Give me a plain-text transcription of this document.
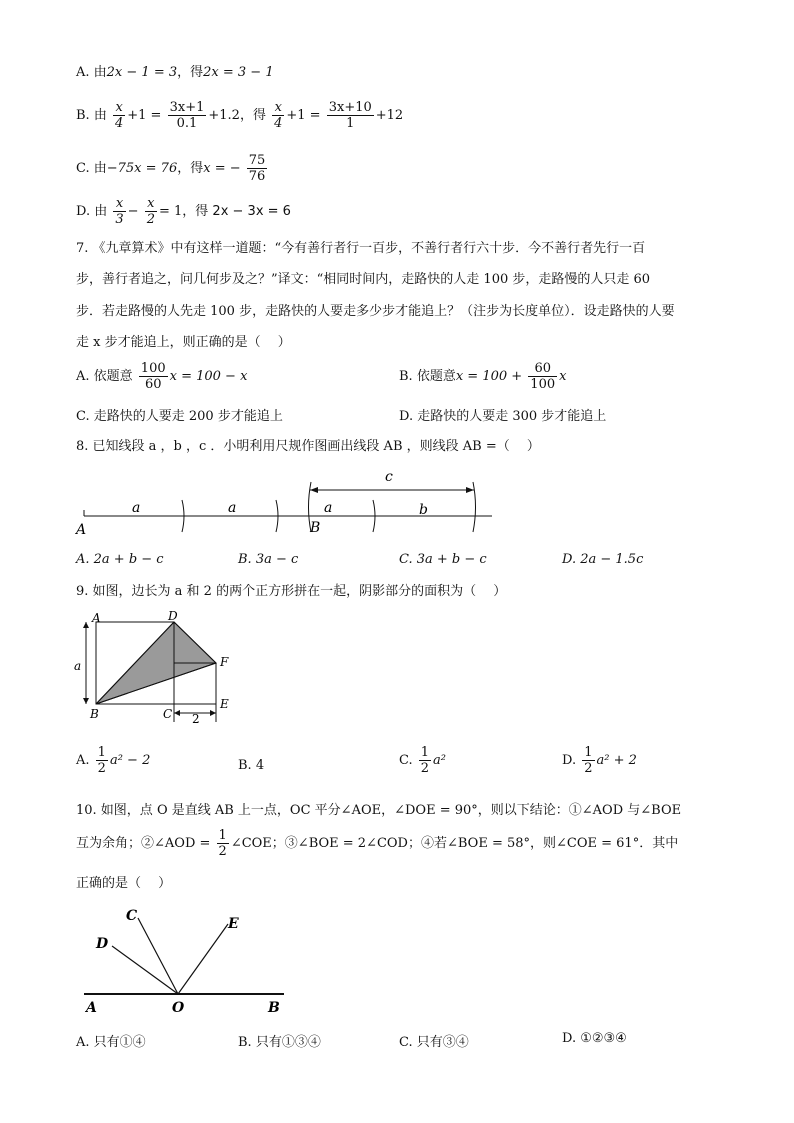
A. 由2x − 1 = 3，得2x = 3 − 1
B. 由 $\frac{x}{4} +1 = \frac{3x+1}{0.1} +1.2$，得 $\frac{x}{4} +1 = \frac{3x+10}{1} +12$
C. 由−75x = 76，得x = − $\frac{75}{76}$
D. 由 $\frac{x}{3} - \frac{x}{2} = 1$，得 2x − 3x = 6
7. 《九章算术》中有这样一道题：“今有善行者行一百步，不善行者行六十步．今不善行者先行一百
步，善行者追之，问几何步及之？”译文：“相同时间内，走路快的人走 100 步，走路慢的人只走 60
步．若走路慢的人先走 100 步，走路快的人要走多少步才能追上？（注步为长度单位）．设走路快的人要
走 x 步才能追上，则正确的是（　 ）
A. 依题意 $\frac{100}{60}$ x = 100 − x	B. 依题意$x = 100 + \frac{60}{100}$ x
C. 走路快的人要走 200 步才能追上	D. 走路快的人要走 300 步才能追上
8. 已知线段 a ，b ，c ．小明利用尺规作图画出线段 AB ，则线段 AB =（　 ）
a	a	a	b
c
A	B
A. 2a + b − c	B. 3a − c	C. 3a + b − c	D. 2a − 1.5c
9. 如图，边长为 a 和 2 的两个正方形拼在一起，阴影部分的面积为（　 ）
A	D
F
E
B	C
a
2
A. $\frac{1}{2} a^2 - 2$	B. 4	C. $\frac{1}{2} a^2$	D. $\frac{1}{2} a^2 + 2$
10. 如图，点 O 是直线 AB 上一点，OC 平分∠AOE，∠DOE = 90°，则以下结论：①∠AOD 与∠BOE
互为余角；②∠AOD = $\frac{1}{2}$ ∠COE；③∠BOE = 2∠COD；④若∠BOE = 58°，则∠COE = 61°．其中
正确的是（　 ）
C
D
E
A	O	B
A. 只有①④	B. 只有①③④	C. 只有③④	D. ①②③④
